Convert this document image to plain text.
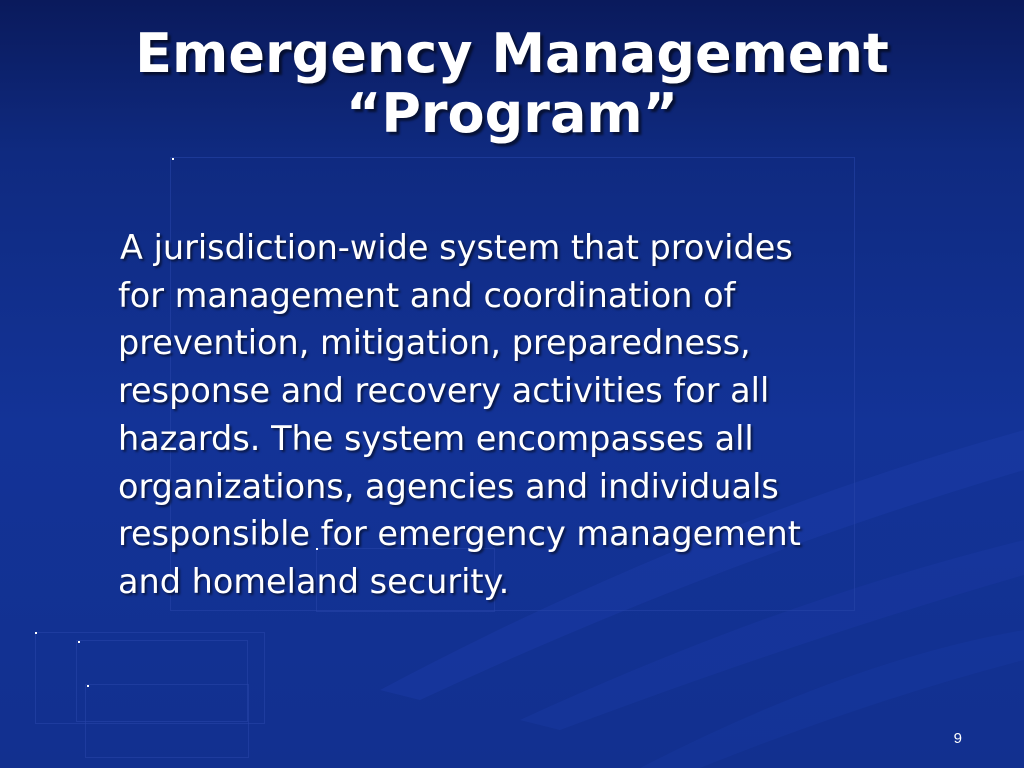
Emergency Management
“Program”
A jurisdiction-wide system that provides
for management and coordination of
prevention, mitigation, preparedness,
response and recovery activities for all
hazards. The system encompasses all
organizations, agencies and individuals
responsible for emergency management
and homeland security.
9
